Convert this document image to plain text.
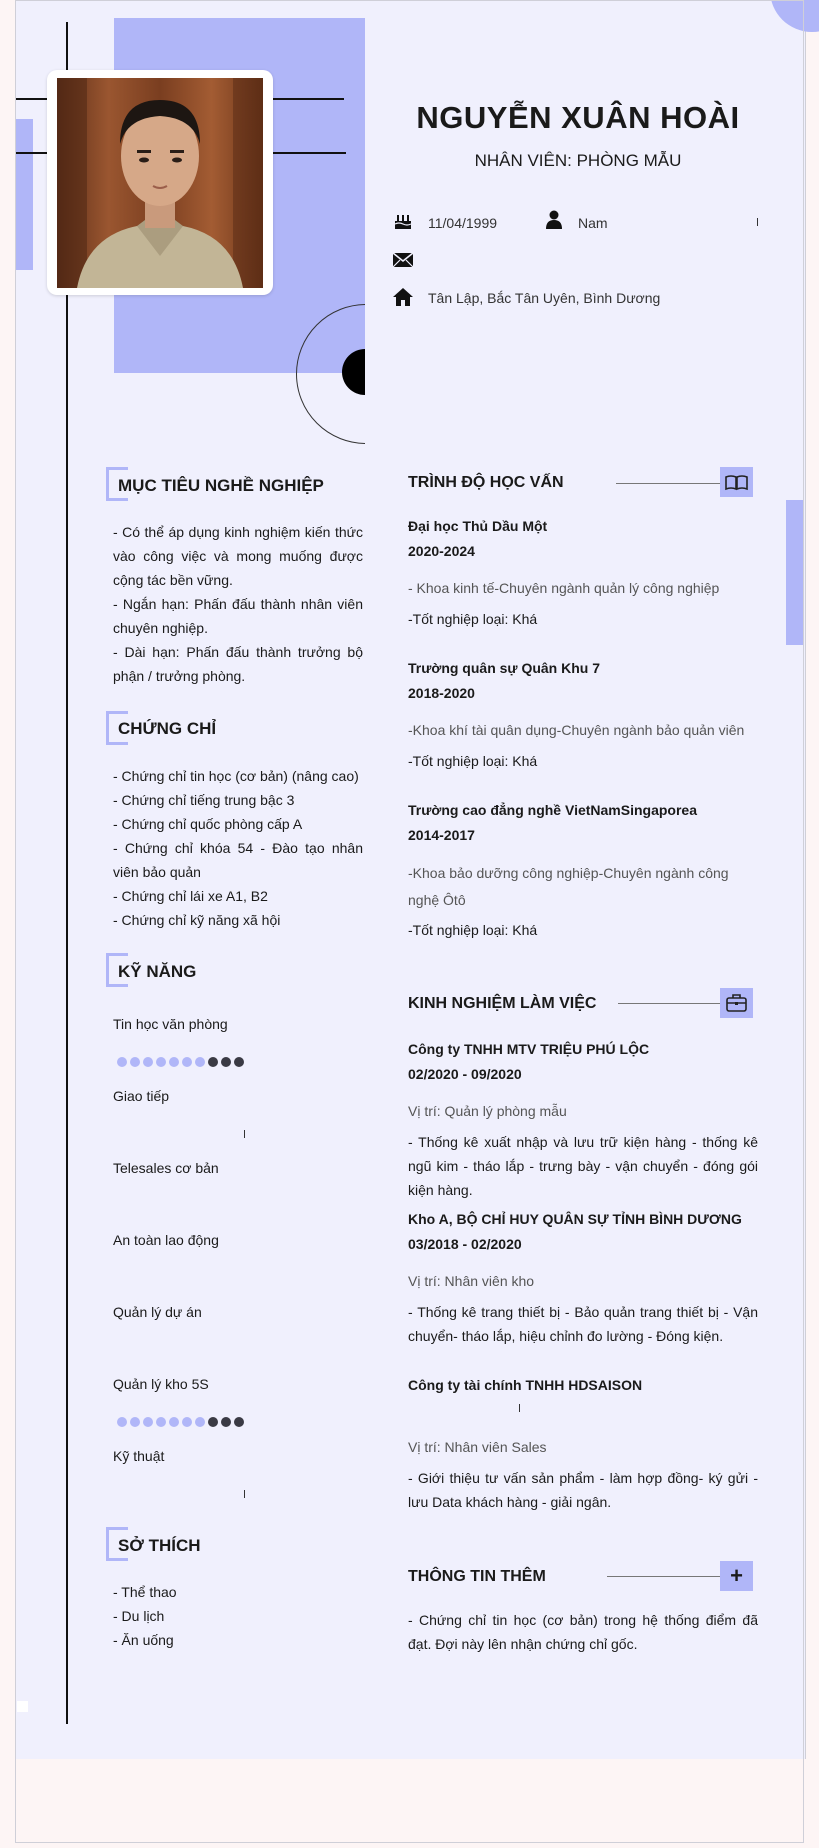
NGUYỄN XUÂN HOÀI
NHÂN VIÊN: PHÒNG MẪU
11/04/1999	Nam
Tân Lập, Bắc Tân Uyên, Bình Dương
MỤC TIÊU NGHỀ NGHIỆP
- Có thể áp dụng kinh nghiệm kiến thức vào công việc và mong muống được cộng tác bền vững.
- Ngắn hạn: Phấn đấu thành nhân viên chuyên nghiệp.
- Dài hạn: Phấn đấu thành trưởng bộ phận / trưởng phòng.
CHỨNG CHỈ
- Chứng chỉ tin học (cơ bản) (nâng cao)
- Chứng chỉ tiếng trung bậc 3
- Chứng chỉ quốc phòng cấp A
- Chứng chỉ khóa 54 - Đào tạo nhân viên bảo quản
- Chứng chỉ lái xe A1, B2
- Chứng chỉ kỹ năng xã hội
KỸ NĂNG
Tin học văn phòng
Giao tiếp
Telesales cơ bản
An toàn lao động
Quản lý dự án
Quản lý kho 5S
Kỹ thuật
SỞ THÍCH
- Thể thao
- Du lịch
- Ăn uống
TRÌNH ĐỘ HỌC VẤN
Đại học Thủ Dầu Một
2020-2024
- Khoa kinh tế-Chuyên ngành quản lý công nghiệp
-Tốt nghiệp loại: Khá
Trường quân sự Quân Khu 7
2018-2020
-Khoa khí tài quân dụng-Chuyên ngành bảo quản viên
-Tốt nghiệp loại: Khá
Trường cao đẳng nghề VietNamSingaporea
2014-2017
-Khoa bảo dưỡng công nghiệp-Chuyên ngành công nghệ Ôtô
-Tốt nghiệp loại: Khá
KINH NGHIỆM LÀM VIỆC
Công ty TNHH MTV TRIỆU PHÚ LỘC
02/2020 - 09/2020
Vị trí: Quản lý phòng mẫu
- Thống kê xuất nhập và lưu trữ kiện hàng - thống kê ngũ kim - tháo lắp - trưng bày - vận chuyển - đóng gói kiện hàng.
Kho A, BỘ CHỈ HUY QUÂN SỰ TỈNH BÌNH DƯƠNG
03/2018 - 02/2020
Vị trí: Nhân viên kho
- Thống kê trang thiết bị - Bảo quản trang thiết bị - Vận chuyển- tháo lắp, hiệu chỉnh đo lường - Đóng kiện.
Công ty tài chính TNHH HDSAISON
Vị trí: Nhân viên Sales
- Giới thiệu tư vấn sản phẩm - làm hợp đồng- ký gửi - lưu Data khách hàng - giải ngân.
THÔNG TIN THÊM	+
- Chứng chỉ tin học (cơ bản) trong hệ thống điểm đã đạt. Đợi này lên nhận chứng chỉ gốc.
